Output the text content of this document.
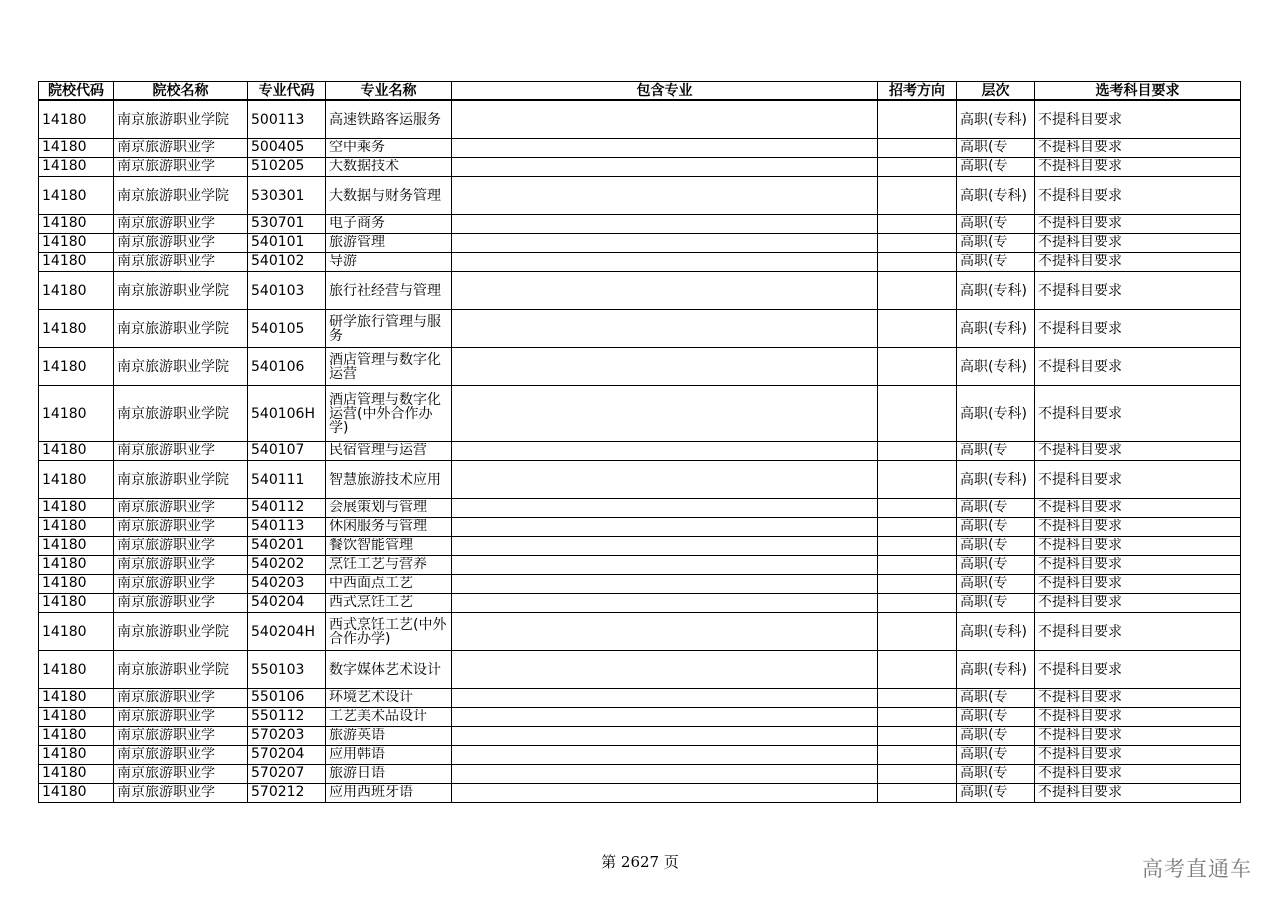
院校代码	院校名称	专业代码	专业名称	包含专业	招考方向	层次	选考科目要求
14180	南京旅游职业学院	500113	高速铁路客运服务			高职(专科)	不提科目要求

14180	南京旅游职业学	500405	空中乘务			高职(专	不提科目要求

14180	南京旅游职业学	510205	大数据技术			高职(专	不提科目要求

14180	南京旅游职业学院	530301	大数据与财务管理			高职(专科)	不提科目要求

14180	南京旅游职业学	530701	电子商务			高职(专	不提科目要求

14180	南京旅游职业学	540101	旅游管理			高职(专	不提科目要求

14180	南京旅游职业学	540102	导游			高职(专	不提科目要求

14180	南京旅游职业学院	540103	旅行社经营与管理			高职(专科)	不提科目要求
14180	南京旅游职业学院	540105	研学旅行管理与服务			高职(专科)	不提科目要求
14180	南京旅游职业学院	540106	酒店管理与数字化运营			高职(专科)	不提科目要求
14180	南京旅游职业学院	540106H	酒店管理与数字化运营(中外合作办学)			高职(专科)	不提科目要求

14180	南京旅游职业学	540107	民宿管理与运营			高职(专	不提科目要求

14180	南京旅游职业学院	540111	智慧旅游技术应用			高职(专科)	不提科目要求

14180	南京旅游职业学	540112	会展策划与管理			高职(专	不提科目要求

14180	南京旅游职业学	540113	休闲服务与管理			高职(专	不提科目要求

14180	南京旅游职业学	540201	餐饮智能管理			高职(专	不提科目要求

14180	南京旅游职业学	540202	烹饪工艺与营养			高职(专	不提科目要求

14180	南京旅游职业学	540203	中西面点工艺			高职(专	不提科目要求

14180	南京旅游职业学	540204	西式烹饪工艺			高职(专	不提科目要求

14180	南京旅游职业学院	540204H	西式烹饪工艺(中外合作办学)			高职(专科)	不提科目要求
14180	南京旅游职业学院	550103	数字媒体艺术设计			高职(专科)	不提科目要求

14180	南京旅游职业学	550106	环境艺术设计			高职(专	不提科目要求

14180	南京旅游职业学	550112	工艺美术品设计			高职(专	不提科目要求

14180	南京旅游职业学	570203	旅游英语			高职(专	不提科目要求

14180	南京旅游职业学	570204	应用韩语			高职(专	不提科目要求

14180	南京旅游职业学	570207	旅游日语			高职(专	不提科目要求

14180	南京旅游职业学	570212	应用西班牙语			高职(专	不提科目要求
第 2627 页	高考直通车
